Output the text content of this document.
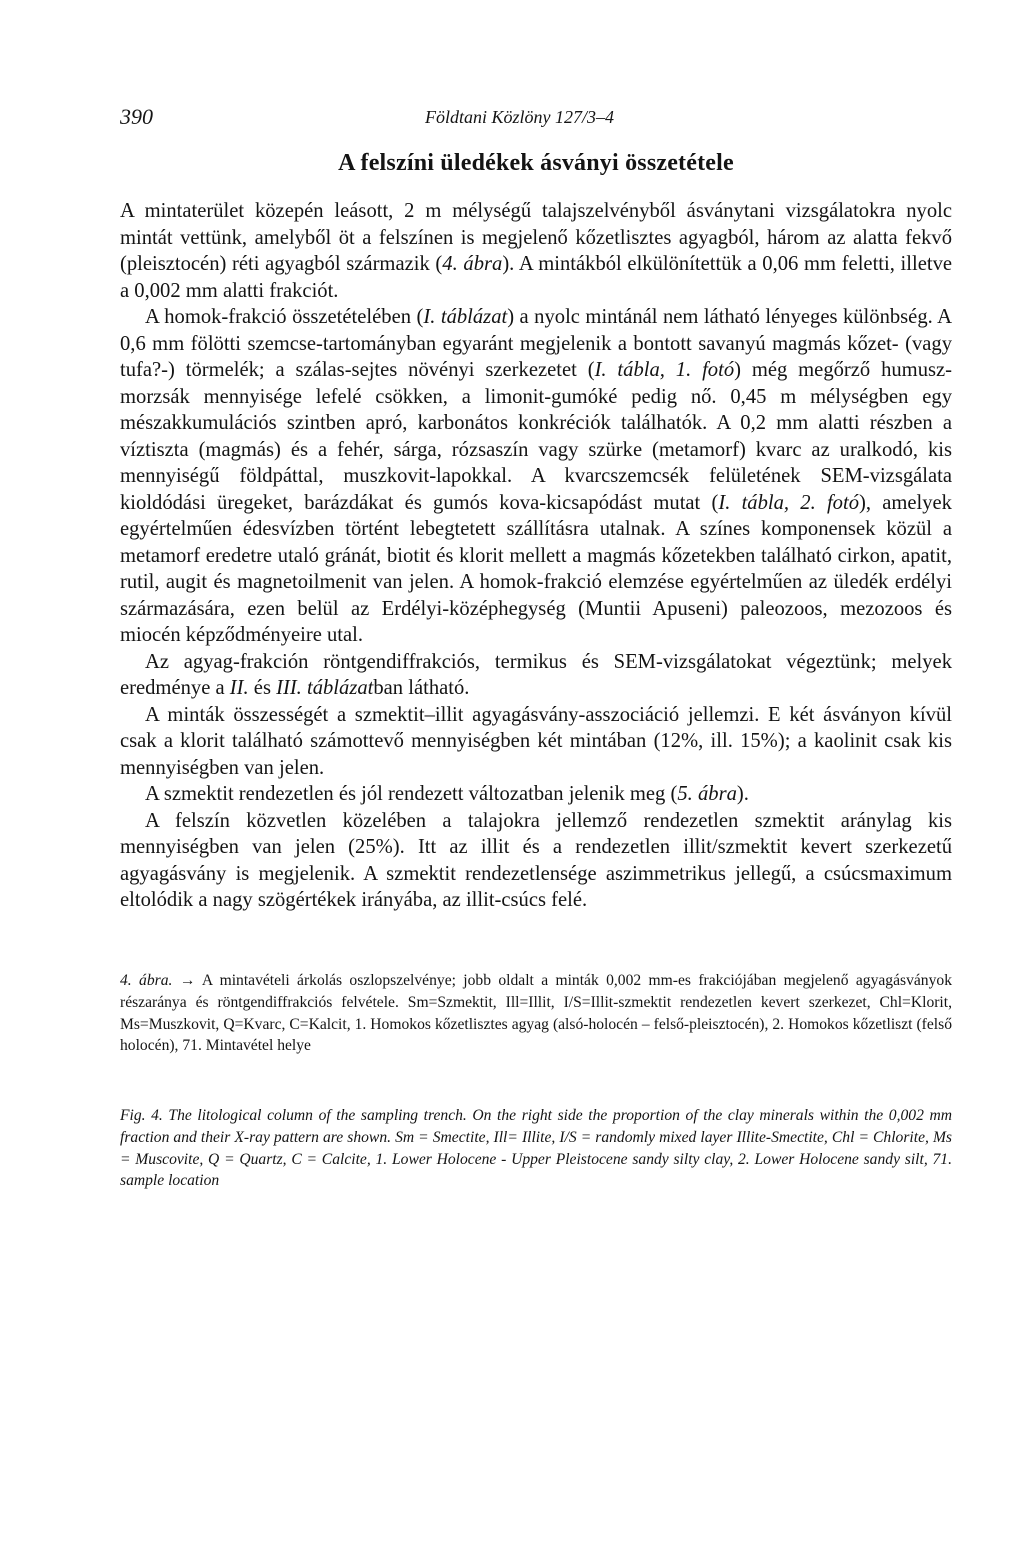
390	Földtani Közlöny 127/3–4
A felszíni üledékek ásványi összetétele

A mintaterület közepén leásott, 2 m mélységű talajszelvényből ásványtani vizsgálatokra nyolc mintát vettünk, amelyből öt a felszínen is megjelenő kőzetlisztes agyagból, három az alatta fekvő (pleisztocén) réti agyagból származik (4. ábra). A mintákból elkülönítettük a 0,06 mm feletti, illetve a 0,002 mm alatti frakciót.

A homok-frakció összetételében (I. táblázat) a nyolc mintánál nem látható lényeges különbség. A 0,6 mm fölötti szemcse-tartományban egyaránt megjelenik a bontott savanyú magmás kőzet- (vagy tufa?-) törmelék; a szálas-sejtes növényi szerkezetet (I. tábla, 1. fotó) még megőrző humusz-morzsák mennyisége lefelé csökken, a limonit-gumóké pedig nő. 0,45 m mélységben egy mészakkumulációs szintben apró, karbonátos konkréciók találhatók. A 0,2 mm alatti részben a víztiszta (magmás) és a fehér, sárga, rózsaszín vagy szürke (metamorf) kvarc az uralkodó, kis mennyiségű földpáttal, muszkovit-lapokkal. A kvarcszemcsék felületének SEM-vizsgálata kioldódási üregeket, barázdákat és gumós kova-kicsapódást mutat (I. tábla, 2. fotó), amelyek egyértelműen édesvízben történt lebegtetett szállításra utalnak. A színes komponensek közül a metamorf eredetre utaló gránát, biotit és klorit mellett a magmás kőzetekben található cirkon, apatit, rutil, augit és magnetoilmenit van jelen. A homok-frakció elemzése egyértelműen az üledék erdélyi származására, ezen belül az Erdélyi-középhegység (Muntii Apuseni) paleozoos, mezozoos és miocén képződményeire utal.

Az agyag-frakción röntgendiffrakciós, termikus és SEM-vizsgálatokat végeztünk; melyek eredménye a II. és III. táblázatban látható.

A minták összességét a szmektit–illit agyagásvány-asszociáció jellemzi. E két ásványon kívül csak a klorit található számottevő mennyiségben két mintában (12%, ill. 15%); a kaolinit csak kis mennyiségben van jelen.

A szmektit rendezetlen és jól rendezett változatban jelenik meg (5. ábra).

A felszín közvetlen közelében a talajokra jellemző rendezetlen szmektit aránylag kis mennyiségben van jelen (25%). Itt az illit és a rendezetlen illit/szmektit kevert szerkezetű agyagásvány is megjelenik. A szmektit rendezetlensége aszimmetrikus jellegű, a csúcsmaximum eltolódik a nagy szögértékek irányába, az illit-csúcs felé.

4. ábra. → A mintavételi árkolás oszlopszelvénye; jobb oldalt a minták 0,002 mm-es frakciójában megjelenő agyagásványok részaránya és röntgendiffrakciós felvétele. Sm=Szmektit, Ill=Illit, I/S=Illit-szmektit rendezetlen kevert szerkezet, Chl=Klorit, Ms=Muszkovit, Q=Kvarc, C=Kalcit, 1. Homokos kőzetlisztes agyag (alsó-holocén – felső-pleisztocén), 2. Homokos kőzetliszt (felső holocén), 71. Mintavétel helye

Fig. 4. The litological column of the sampling trench. On the right side the proportion of the clay minerals within the 0,002 mm fraction and their X-ray pattern are shown. Sm = Smectite, Ill= Illite, I/S = randomly mixed layer Illite-Smectite, Chl = Chlorite, Ms = Muscovite, Q = Quartz, C = Calcite, 1. Lower Holocene - Upper Pleistocene sandy silty clay, 2. Lower Holocene sandy silt, 71. sample location
